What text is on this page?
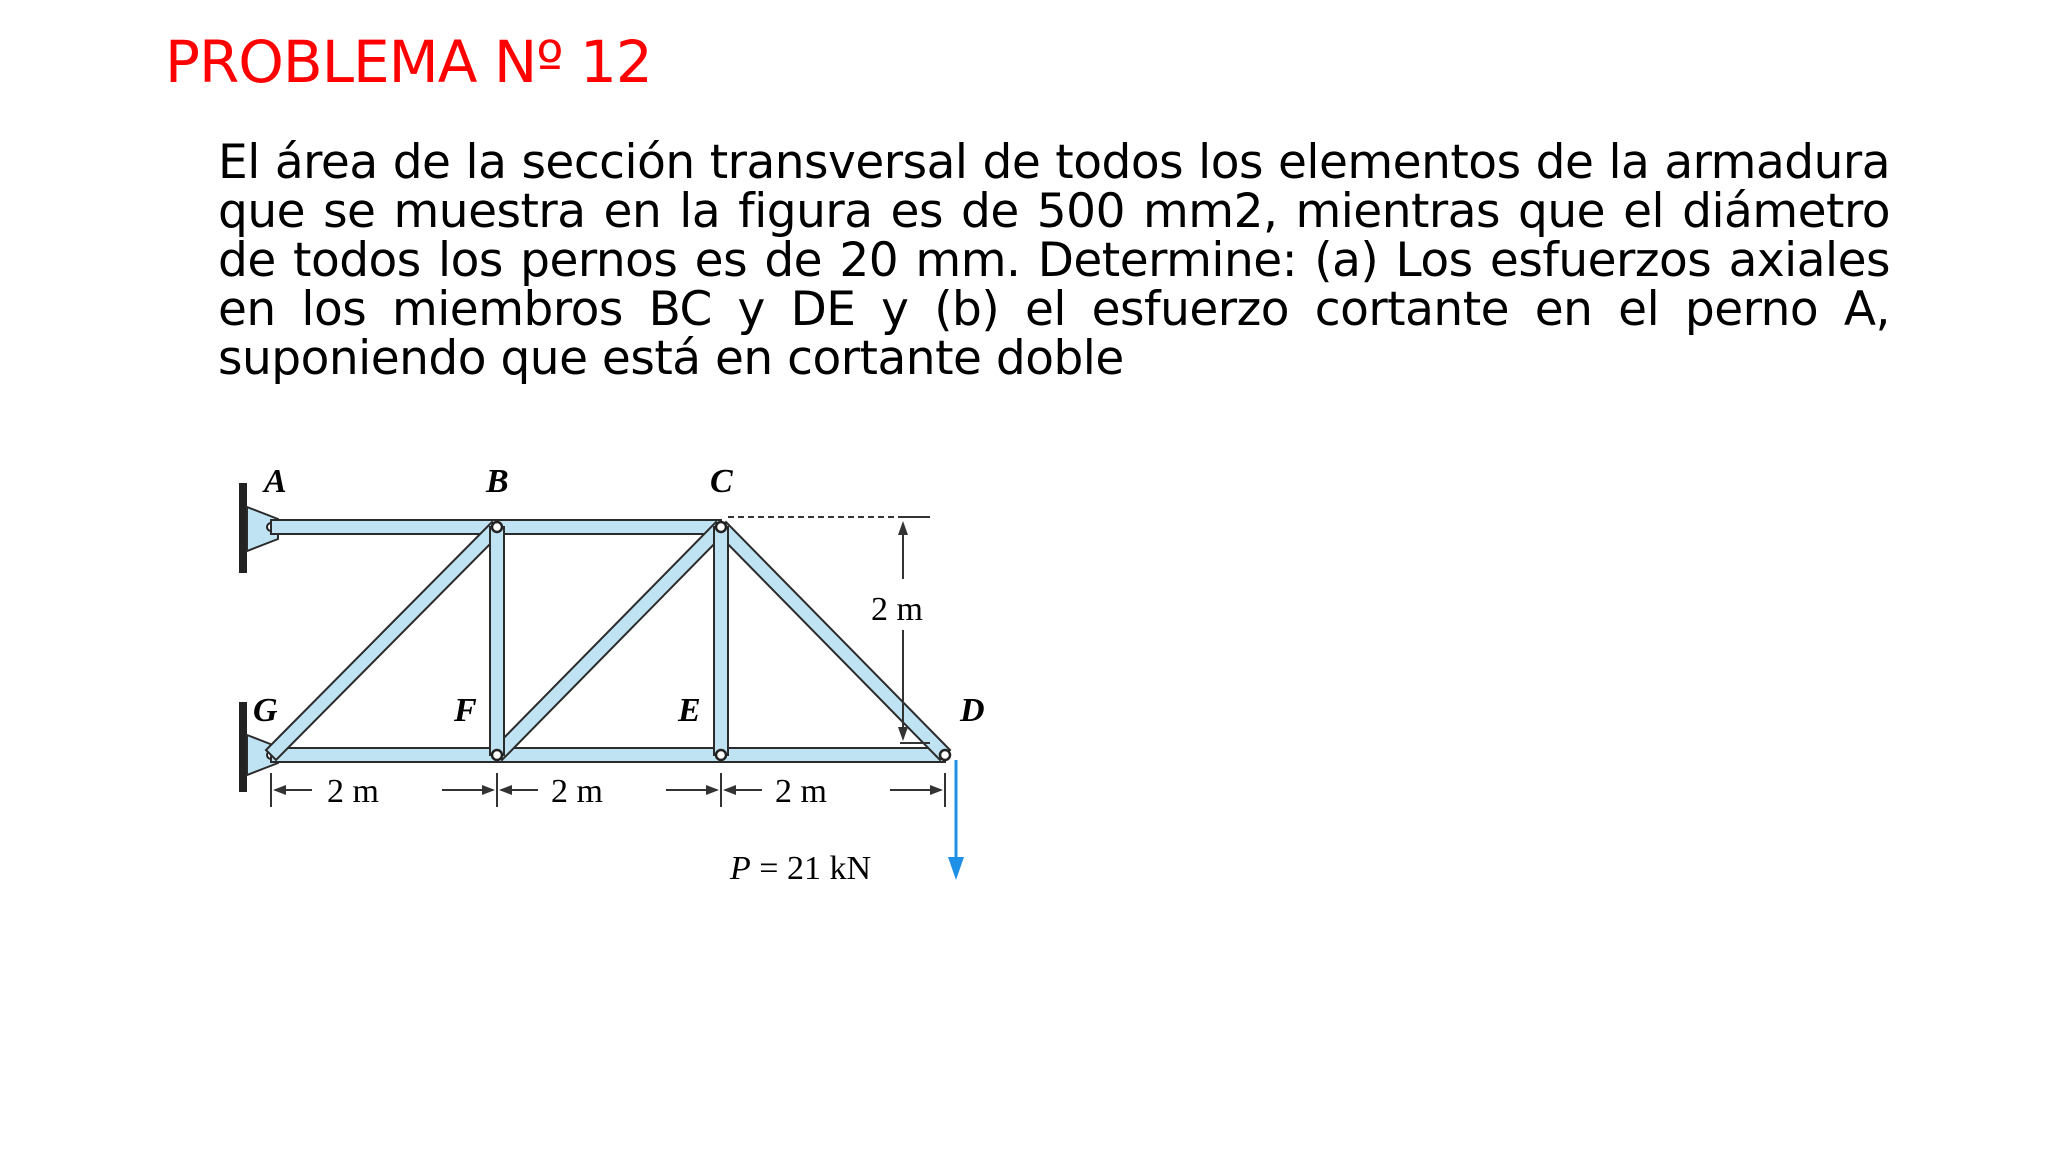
PROBLEMA Nº 12
El área de la sección transversal de todos los elementos de la armadura que se muestra en la figura es de 500 mm2, mientras que el diámetro de todos los pernos es de 20 mm. Determine: (a) Los esfuerzos axiales en los miembros BC y DE y (b) el esfuerzo cortante en el perno A, suponiendo que está en cortante doble
A	B	C
G	F	E	D
2 m
2 m	2 m	2 m
P = 21 kN
